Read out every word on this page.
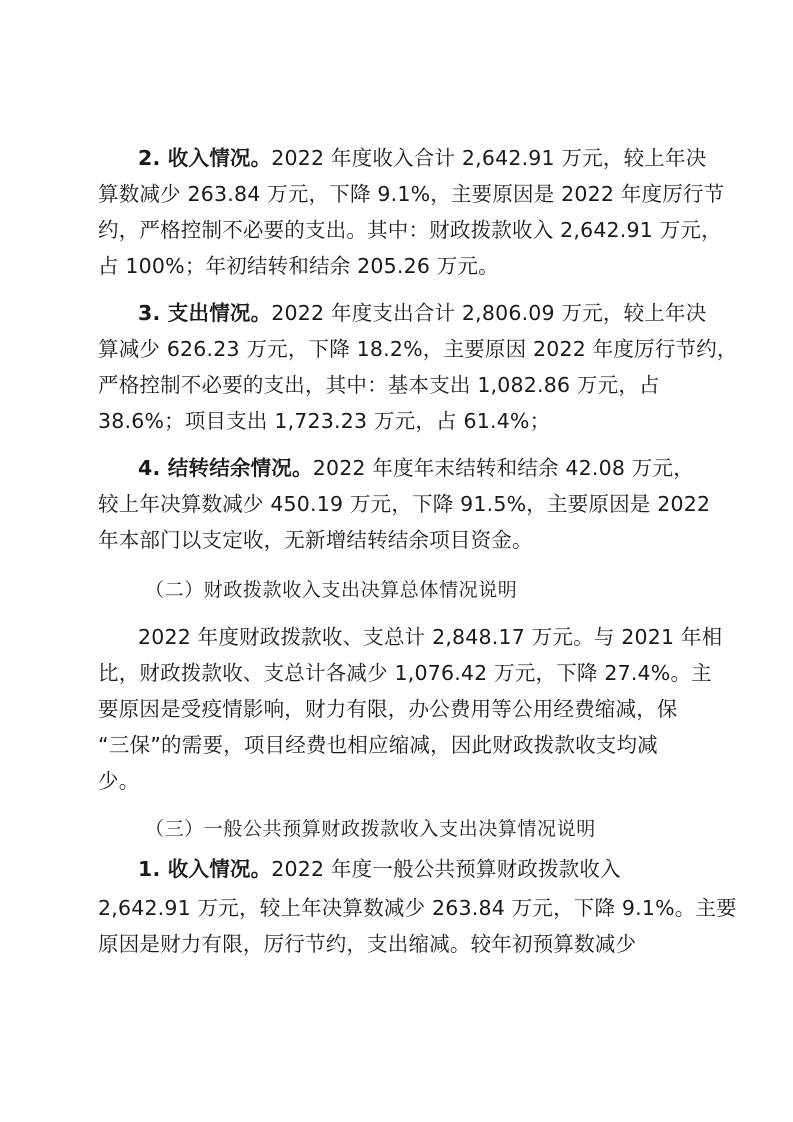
2. 收入情况。2022 年度收入合计 2,642.91 万元，较上年决
算数减少 263.84 万元，下降 9.1%，主要原因是 2022 年度厉行节
约，严格控制不必要的支出。其中：财政拨款收入 2,642.91 万元，
占 100%；年初结转和结余 205.26 万元。
3. 支出情况。2022 年度支出合计 2,806.09 万元，较上年决
算减少 626.23 万元，下降 18.2%，主要原因 2022 年度厉行节约，
严格控制不必要的支出，其中：基本支出 1,082.86 万元，占
38.6%；项目支出 1,723.23 万元，占 61.4%；
4. 结转结余情况。2022 年度年末结转和结余 42.08 万元，
较上年决算数减少 450.19 万元，下降 91.5%，主要原因是 2022
年本部门以支定收，无新增结转结余项目资金。
（二）财政拨款收入支出决算总体情况说明
2022 年度财政拨款收、支总计 2,848.17 万元。与 2021 年相
比，财政拨款收、支总计各减少 1,076.42 万元，下降 27.4%。主
要原因是受疫情影响，财力有限，办公费用等公用经费缩减，保
“三保”的需要，项目经费也相应缩减，因此财政拨款收支均减
少。
（三）一般公共预算财政拨款收入支出决算情况说明
1. 收入情况。2022 年度一般公共预算财政拨款收入
2,642.91 万元，较上年决算数减少 263.84 万元，下降 9.1%。主要
原因是财力有限，厉行节约，支出缩减。较年初预算数减少
